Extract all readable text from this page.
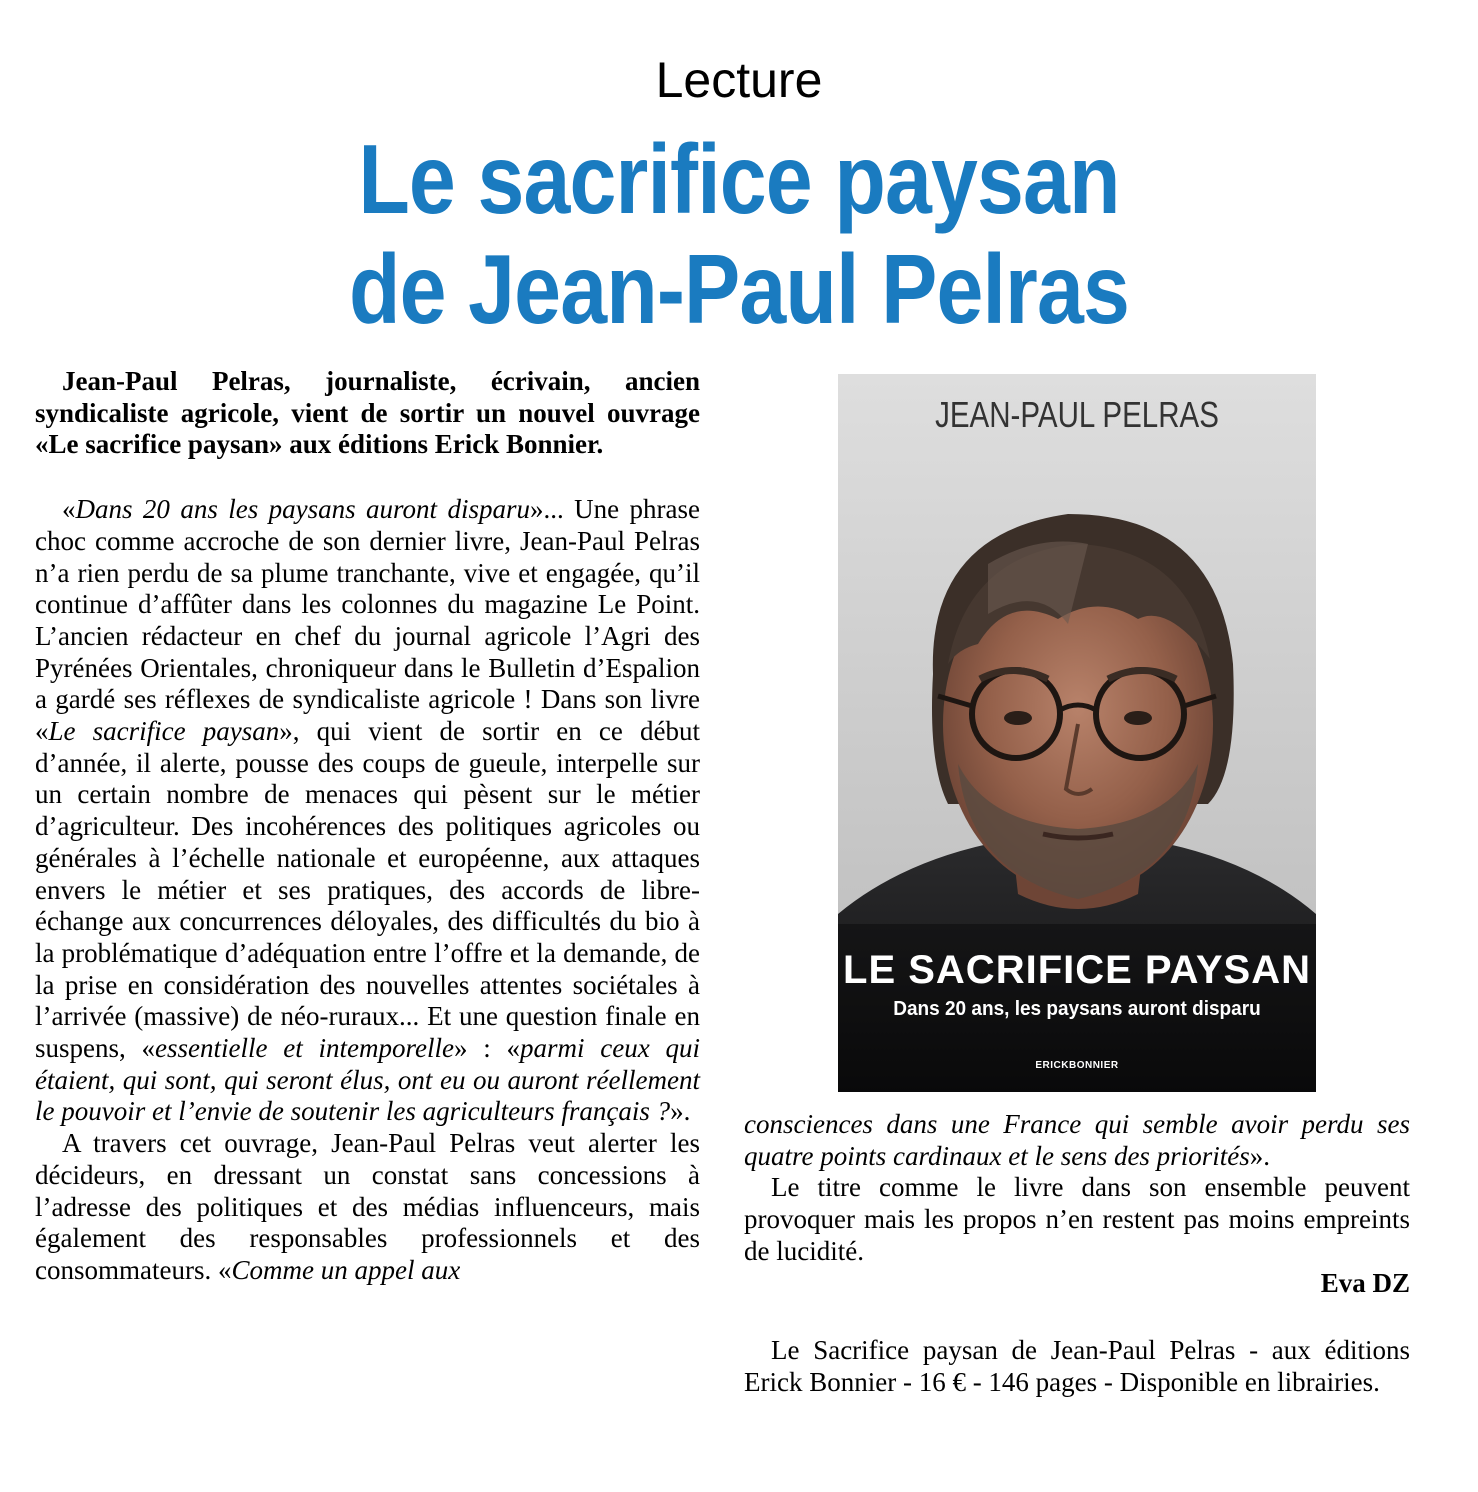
Lecture
Le sacrifice paysan
de Jean-Paul Pelras

Jean-Paul Pelras, journaliste, écrivain, ancien syndicaliste agricole, vient de sortir un nouvel ouvrage «Le sacrifice paysan» aux éditions Erick Bonnier.

«Dans 20 ans les paysans auront disparu»... Une phrase choc comme accroche de son dernier livre, Jean-Paul Pelras n’a rien perdu de sa plume tranchante, vive et engagée, qu’il continue d’affûter dans les colonnes du magazine Le Point. L’ancien rédacteur en chef du journal agricole l’Agri des Pyrénées Orientales, chroniqueur dans le Bulletin d’Espalion a gardé ses réflexes de syndicaliste agricole ! Dans son livre «Le sacrifice paysan», qui vient de sortir en ce début d’année, il alerte, pousse des coups de gueule, interpelle sur un certain nombre de menaces qui pèsent sur le métier d’agriculteur. Des incohérences des politiques agricoles ou générales à l’échelle nationale et européenne, aux attaques envers le métier et ses pratiques, des accords de libre-échange aux concurrences déloyales, des difficultés du bio à la problématique d’adéquation entre l’offre et la demande, de la prise en considération des nouvelles attentes sociétales à l’arrivée (massive) de néo-ruraux... Et une question finale en suspens, «essentielle et intemporelle» : «parmi ceux qui étaient, qui sont, qui seront élus, ont eu ou auront réellement le pouvoir et l’envie de soutenir les agriculteurs français ?».

A travers cet ouvrage, Jean-Paul Pelras veut alerter les décideurs, en dressant un constat sans concessions à l’adresse des politiques et des médias influenceurs, mais également des responsables professionnels et des consommateurs. «Comme un appel aux

JEAN-PAUL PELRAS
LE SACRIFICE PAYSAN
Dans 20 ans, les paysans auront disparu
ERICKBONNIER

consciences dans une France qui semble avoir perdu ses quatre points cardinaux et le sens des priorités».

Le titre comme le livre dans son ensemble peuvent provoquer mais les propos n’en restent pas moins empreints de lucidité.

Eva DZ

Le Sacrifice paysan de Jean-Paul Pelras - aux éditions Erick Bonnier - 16 € - 146 pages - Disponible en librairies.
